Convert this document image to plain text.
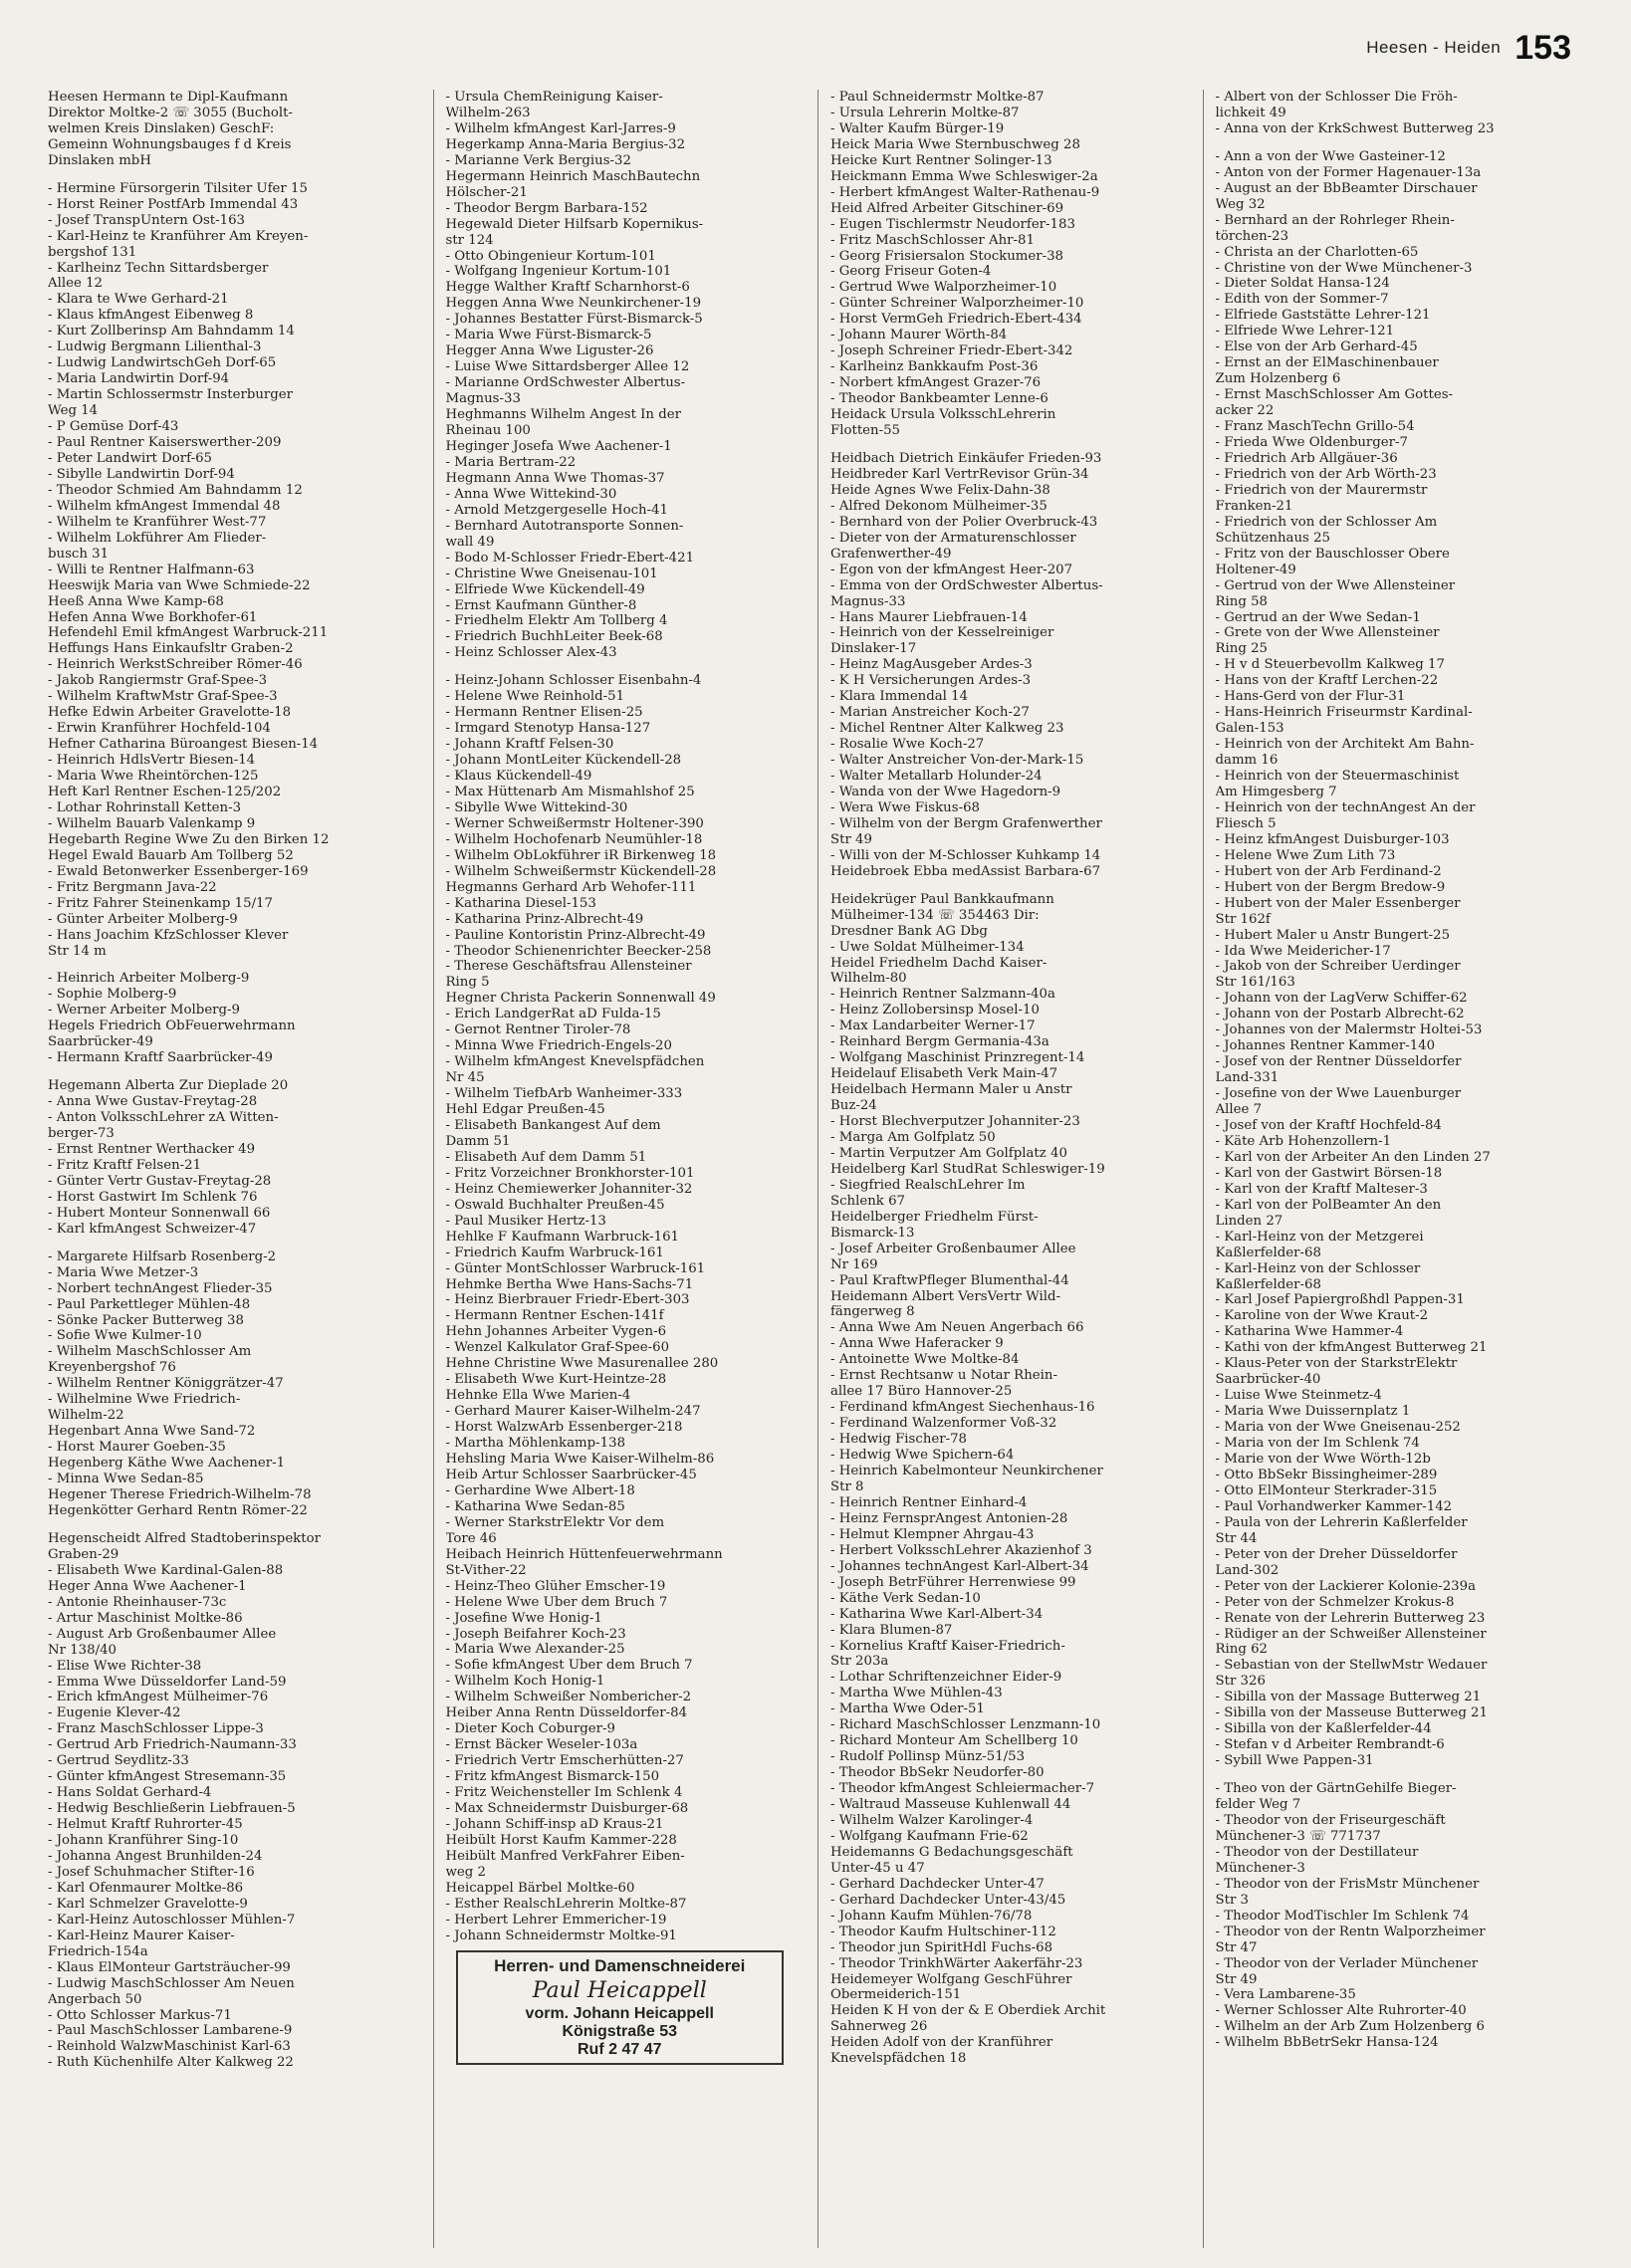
Heesen - Heiden 153
Heesen Hermann te Dipl-Kaufmann
Direktor Moltke-2 ☏ 3055 (Bucholt-
welmen Kreis Dinslaken) GeschF:
Gemeinn Wohnungsbauges f d Kreis
Dinslaken mbH
- Hermine Fürsorgerin Tilsiter Ufer 15
- Horst Reiner PostfArb Immendal 43
- Josef TranspUntern Ost-163
- Karl-Heinz te Kranführer Am Kreyen-
bergshof 131
- Karlheinz Techn Sittardsberger
Allee 12
- Klara te Wwe Gerhard-21
- Klaus kfmAngest Eibenweg 8
- Kurt Zollberinsp Am Bahndamm 14
- Ludwig Bergmann Lilienthal-3
- Ludwig LandwirtschGeh Dorf-65
- Maria Landwirtin Dorf-94
- Martin Schlossermstr Insterburger
Weg 14
- P Gemüse Dorf-43
- Paul Rentner Kaiserswerther-209
- Peter Landwirt Dorf-65
- Sibylle Landwirtin Dorf-94
- Theodor Schmied Am Bahndamm 12
- Wilhelm kfmAngest Immendal 48
- Wilhelm te Kranführer West-77
- Wilhelm Lokführer Am Flieder-
busch 31
- Willi te Rentner Halfmann-63
Heeswijk Maria van Wwe Schmiede-22
Heeß Anna Wwe Kamp-68
Hefen Anna Wwe Borkhofer-61
Hefendehl Emil kfmAngest Warbruck-211
Heffungs Hans Einkaufsltr Graben-2
- Heinrich WerkstSchreiber Römer-46
- Jakob Rangiermstr Graf-Spee-3
- Wilhelm KraftwMstr Graf-Spee-3
Hefke Edwin Arbeiter Gravelotte-18
- Erwin Kranführer Hochfeld-104
Hefner Catharina Büroangest Biesen-14
- Heinrich HdlsVertr Biesen-14
- Maria Wwe Rheintörchen-125
Heft Karl Rentner Eschen-125/202
- Lothar Rohrinstall Ketten-3
- Wilhelm Bauarb Valenkamp 9
Hegebarth Regine Wwe Zu den Birken 12
Hegel Ewald Bauarb Am Tollberg 52
- Ewald Betonwerker Essenberger-169
- Fritz Bergmann Java-22
- Fritz Fahrer Steinenkamp 15/17
- Günter Arbeiter Molberg-9
- Hans Joachim KfzSchlosser Klever
Str 14 m
- Heinrich Arbeiter Molberg-9
- Sophie Molberg-9
- Werner Arbeiter Molberg-9
Hegels Friedrich ObFeuerwehrmann
Saarbrücker-49
- Hermann Kraftf Saarbrücker-49
Hegemann Alberta Zur Dieplade 20
- Anna Wwe Gustav-Freytag-28
- Anton VolksschLehrer zA Witten-
berger-73
- Ernst Rentner Werthacker 49
- Fritz Kraftf Felsen-21
- Günter Vertr Gustav-Freytag-28
- Horst Gastwirt Im Schlenk 76
- Hubert Monteur Sonnenwall 66
- Karl kfmAngest Schweizer-47
- Margarete Hilfsarb Rosenberg-2
- Maria Wwe Metzer-3
- Norbert technAngest Flieder-35
- Paul Parkettleger Mühlen-48
- Sönke Packer Butterweg 38
- Sofie Wwe Kulmer-10
- Wilhelm MaschSchlosser Am
Kreyenbergshof 76
- Wilhelm Rentner Königgrätzer-47
- Wilhelmine Wwe Friedrich-
Wilhelm-22
Hegenbart Anna Wwe Sand-72
- Horst Maurer Goeben-35
Hegenberg Käthe Wwe Aachener-1
- Minna Wwe Sedan-85
Hegener Therese Friedrich-Wilhelm-78
Hegenkötter Gerhard Rentn Römer-22
Hegenscheidt Alfred Stadtoberinspektor
Graben-29
- Elisabeth Wwe Kardinal-Galen-88
Heger Anna Wwe Aachener-1
- Antonie Rheinhauser-73c
- Artur Maschinist Moltke-86
- August Arb Großenbaumer Allee
Nr 138/40
- Elise Wwe Richter-38
- Emma Wwe Düsseldorfer Land-59
- Erich kfmAngest Mülheimer-76
- Eugenie Klever-42
- Franz MaschSchlosser Lippe-3
- Gertrud Arb Friedrich-Naumann-33
- Gertrud Seydlitz-33
- Günter kfmAngest Stresemann-35
- Hans Soldat Gerhard-4
- Hedwig Beschließerin Liebfrauen-5
- Helmut Kraftf Ruhrorter-45
- Johann Kranführer Sing-10
- Johanna Angest Brunhilden-24
- Josef Schuhmacher Stifter-16
- Karl Ofenmaurer Moltke-86
- Karl Schmelzer Gravelotte-9
- Karl-Heinz Autoschlosser Mühlen-7
- Karl-Heinz Maurer Kaiser-
Friedrich-154a
- Klaus ElMonteur Gartsträucher-99
- Ludwig MaschSchlosser Am Neuen
Angerbach 50
- Otto Schlosser Markus-71
- Paul MaschSchlosser Lambarene-9
- Reinhold WalzwMaschinist Karl-63
- Ruth Küchenhilfe Alter Kalkweg 22
- Ursula ChemReinigung Kaiser-
Wilhelm-263
- Wilhelm kfmAngest Karl-Jarres-9
Hegerkamp Anna-Maria Bergius-32
- Marianne Verk Bergius-32
Hegermann Heinrich MaschBautechn
Hölscher-21
- Theodor Bergm Barbara-152
Hegewald Dieter Hilfsarb Kopernikus-
str 124
- Otto Obingenieur Kortum-101
- Wolfgang Ingenieur Kortum-101
Hegge Walther Kraftf Scharnhorst-6
Heggen Anna Wwe Neunkirchener-19
- Johannes Bestatter Fürst-Bismarck-5
- Maria Wwe Fürst-Bismarck-5
Hegger Anna Wwe Liguster-26
- Luise Wwe Sittardsberger Allee 12
- Marianne OrdSchwester Albertus-
Magnus-33
Heghmanns Wilhelm Angest In der
Rheinau 100
Heginger Josefa Wwe Aachener-1
- Maria Bertram-22
Hegmann Anna Wwe Thomas-37
- Anna Wwe Wittekind-30
- Arnold Metzgergeselle Hoch-41
- Bernhard Autotransporte Sonnen-
wall 49
- Bodo M-Schlosser Friedr-Ebert-421
- Christine Wwe Gneisenau-101
- Elfriede Wwe Kückendell-49
- Ernst Kaufmann Günther-8
- Friedhelm Elektr Am Tollberg 4
- Friedrich BuchhLeiter Beek-68
- Heinz Schlosser Alex-43
- Heinz-Johann Schlosser Eisenbahn-4
- Helene Wwe Reinhold-51
- Hermann Rentner Elisen-25
- Irmgard Stenotyp Hansa-127
- Johann Kraftf Felsen-30
- Johann MontLeiter Kückendell-28
- Klaus Kückendell-49
- Max Hüttenarb Am Mismahlshof 25
- Sibylle Wwe Wittekind-30
- Werner Schweißermstr Holtener-390
- Wilhelm Hochofenarb Neumühler-18
- Wilhelm ObLokführer iR Birkenweg 18
- Wilhelm Schweißermstr Kückendell-28
Hegmanns Gerhard Arb Wehofer-111
- Katharina Diesel-153
- Katharina Prinz-Albrecht-49
- Pauline Kontoristin Prinz-Albrecht-49
- Theodor Schienenrichter Beecker-258
- Therese Geschäftsfrau Allensteiner
Ring 5
Hegner Christa Packerin Sonnenwall 49
- Erich LandgerRat aD Fulda-15
- Gernot Rentner Tiroler-78
- Minna Wwe Friedrich-Engels-20
- Wilhelm kfmAngest Knevelspfädchen
Nr 45
- Wilhelm TiefbArb Wanheimer-333
Hehl Edgar Preußen-45
- Elisabeth Bankangest Auf dem
Damm 51
- Elisabeth Auf dem Damm 51
- Fritz Vorzeichner Bronkhorster-101
- Heinz Chemiewerker Johanniter-32
- Oswald Buchhalter Preußen-45
- Paul Musiker Hertz-13
Hehlke F Kaufmann Warbruck-161
- Friedrich Kaufm Warbruck-161
- Günter MontSchlosser Warbruck-161
Hehmke Bertha Wwe Hans-Sachs-71
- Heinz Bierbrauer Friedr-Ebert-303
- Hermann Rentner Eschen-141f
Hehn Johannes Arbeiter Vygen-6
- Wenzel Kalkulator Graf-Spee-60
Hehne Christine Wwe Masurenallee 280
- Elisabeth Wwe Kurt-Heintze-28
Hehnke Ella Wwe Marien-4
- Gerhard Maurer Kaiser-Wilhelm-247
- Horst WalzwArb Essenberger-218
- Martha Möhlenkamp-138
Hehsling Maria Wwe Kaiser-Wilhelm-86
Heib Artur Schlosser Saarbrücker-45
- Gerhardine Wwe Albert-18
- Katharina Wwe Sedan-85
- Werner StarkstrElektr Vor dem
Tore 46
Heibach Heinrich Hüttenfeuerwehrmann
St-Vither-22
- Heinz-Theo Glüher Emscher-19
- Helene Wwe Über dem Bruch 7
- Josefine Wwe Honig-1
- Joseph Beifahrer Koch-23
- Maria Wwe Alexander-25
- Sofie kfmAngest Über dem Bruch 7
- Wilhelm Koch Honig-1
- Wilhelm Schweißer Nombericher-2
Heiber Anna Rentn Düsseldorfer-84
- Dieter Koch Coburger-9
- Ernst Bäcker Weseler-103a
- Friedrich Vertr Emscherhütten-27
- Fritz kfmAngest Bismarck-150
- Fritz Weichensteller Im Schlenk 4
- Max Schneidermstr Duisburger-68
- Johann Schiff-insp aD Kraus-21
Heibült Horst Kaufm Kammer-228
Heibült Manfred VerkFahrer Eiben-
weg 2
Heicappel Bärbel Moltke-60
- Esther RealschLehrerin Moltke-87
- Herbert Lehrer Emmericher-19
- Johann Schneidermstr Moltke-91
Herren- und Damenschneiderei
Paul Heicappell
vorm. Johann Heicappell
Königstraße 53
Ruf 2 47 47
- Paul Schneidermstr Moltke-87
- Ursula Lehrerin Moltke-87
- Walter Kaufm Bürger-19
Heick Maria Wwe Sternbuschweg 28
Heicke Kurt Rentner Solinger-13
Heickmann Emma Wwe Schleswiger-2a
- Herbert kfmAngest Walter-Rathenau-9
Heid Alfred Arbeiter Gitschiner-69
- Eugen Tischlermstr Neudorfer-183
- Fritz MaschSchlosser Ahr-81
- Georg Frisiersalon Stockumer-38
- Georg Friseur Goten-4
- Gertrud Wwe Walporzheimer-10
- Günter Schreiner Walporzheimer-10
- Horst VermGeh Friedrich-Ebert-434
- Johann Maurer Wörth-84
- Joseph Schreiner Friedr-Ebert-342
- Karlheinz Bankkaufm Post-36
- Norbert kfmAngest Grazer-76
- Theodor Bankbeamter Lenne-6
Heidack Ursula VolksschLehrerin
Flotten-55
Heidbach Dietrich Einkäufer Frieden-93
Heidbreder Karl VertrRevisor Grün-34
Heide Agnes Wwe Felix-Dahn-38
- Alfred Dekonom Mülheimer-35
- Bernhard von der Polier Overbruck-43
- Dieter von der Armaturenschlosser
Grafenwerther-49
- Egon von der kfmAngest Heer-207
- Emma von der OrdSchwester Albertus-
Magnus-33
- Hans Maurer Liebfrauen-14
- Heinrich von der Kesselreiniger
Dinslaker-17
- Heinz MagAusgeber Ardes-3
- K H Versicherungen Ardes-3
- Klara Immendal 14
- Marian Anstreicher Koch-27
- Michel Rentner Alter Kalkweg 23
- Rosalie Wwe Koch-27
- Walter Anstreicher Von-der-Mark-15
- Walter Metallarb Holunder-24
- Wanda von der Wwe Hagedorn-9
- Wera Wwe Fiskus-68
- Wilhelm von der Bergm Grafenwerther
Str 49
- Willi von der M-Schlosser Kuhkamp 14
Heidebroek Ebba medAssist Barbara-67
Heidekrüger Paul Bankkaufmann
Mülheimer-134 ☏ 354463 Dir:
Dresdner Bank AG Dbg
- Uwe Soldat Mülheimer-134
Heidel Friedhelm Dachd Kaiser-
Wilhelm-80
- Heinrich Rentner Salzmann-40a
- Heinz Zollobersinsp Mosel-10
- Max Landarbeiter Werner-17
- Reinhard Bergm Germania-43a
- Wolfgang Maschinist Prinzregent-14
Heidelauf Elisabeth Verk Main-47
Heidelbach Hermann Maler u Anstr
Buz-24
- Horst Blechverputzer Johanniter-23
- Marga Am Golfplatz 50
- Martin Verputzer Am Golfplatz 40
Heidelberg Karl StudRat Schleswiger-19
- Siegfried RealschLehrer Im
Schlenk 67
Heidelberger Friedhelm Fürst-
Bismarck-13
- Josef Arbeiter Großenbaumer Allee
Nr 169
- Paul KraftwPfleger Blumenthal-44
Heidemann Albert VersVertr Wild-
fängerweg 8
- Anna Wwe Am Neuen Angerbach 66
- Anna Wwe Haferacker 9
- Antoinette Wwe Moltke-84
- Ernst Rechtsanw u Notar Rhein-
allee 17 Büro Hannover-25
- Ferdinand kfmAngest Siechenhaus-16
- Ferdinand Walzenformer Voß-32
- Hedwig Fischer-78
- Hedwig Wwe Spichern-64
- Heinrich Kabelmonteur Neunkirchener
Str 8
- Heinrich Rentner Einhard-4
- Heinz FernsprAngest Antonien-28
- Helmut Klempner Ahrgau-43
- Herbert VolksschLehrer Akazienhof 3
- Johannes technAngest Karl-Albert-34
- Joseph BetrFührer Herrenwiese 99
- Käthe Verk Sedan-10
- Katharina Wwe Karl-Albert-34
- Klara Blumen-87
- Kornelius Kraftf Kaiser-Friedrich-
Str 203a
- Lothar Schriftenzeichner Eider-9
- Martha Wwe Mühlen-43
- Martha Wwe Oder-51
- Richard MaschSchlosser Lenzmann-10
- Richard Monteur Am Schellberg 10
- Rudolf Pollinsp Münz-51/53
- Theodor BbSekr Neudorfer-80
- Theodor kfmAngest Schleiermacher-7
- Waltraud Masseuse Kuhlenwall 44
- Wilhelm Walzer Karolinger-4
- Wolfgang Kaufmann Frie-62
Heidemanns G Bedachungsgeschäft
Unter-45 u 47
- Gerhard Dachdecker Unter-47
- Gerhard Dachdecker Unter-43/45
- Johann Kaufm Mühlen-76/78
- Theodor Kaufm Hultschiner-112
- Theodor jun SpiritHdl Fuchs-68
- Theodor TrinkhWärter Aakerfähr-23
Heidemeyer Wolfgang GeschFührer
Obermeiderich-151
Heiden K H von der & E Oberdiek Archit
Sahnerweg 26
Heiden Adolf von der Kranführer
Knevelspfädchen 18
- Albert von der Schlosser Die Fröh-
lichkeit 49
- Anna von der KrkSchwest Butterweg 23
- Ann a von der Wwe Gasteiner-12
- Anton von der Former Hagenauer-13a
- August an der BbBeamter Dirschauer
Weg 32
- Bernhard an der Rohrleger Rhein-
törchen-23
- Christa an der Charlotten-65
- Christine von der Wwe Münchener-3
- Dieter Soldat Hansa-124
- Edith von der Sommer-7
- Elfriede Gaststätte Lehrer-121
- Elfriede Wwe Lehrer-121
- Else von der Arb Gerhard-45
- Ernst an der ElMaschinenbauer
Zum Holzenberg 6
- Ernst MaschSchlosser Am Gottes-
acker 22
- Franz MaschTechn Grillo-54
- Frieda Wwe Oldenburger-7
- Friedrich Arb Allgäuer-36
- Friedrich von der Arb Wörth-23
- Friedrich von der Maurermstr
Franken-21
- Friedrich von der Schlosser Am
Schützenhaus 25
- Fritz von der Bauschlosser Obere
Holtener-49
- Gertrud von der Wwe Allensteiner
Ring 58
- Gertrud an der Wwe Sedan-1
- Grete von der Wwe Allensteiner
Ring 25
- H v d Steuerbevollm Kalkweg 17
- Hans von der Kraftf Lerchen-22
- Hans-Gerd von der Flur-31
- Hans-Heinrich Friseurmstr Kardinal-
Galen-153
- Heinrich von der Architekt Am Bahn-
damm 16
- Heinrich von der Steuermaschinist
Am Himgesberg 7
- Heinrich von der technAngest An der
Fliesch 5
- Heinz kfmAngest Duisburger-103
- Helene Wwe Zum Lith 73
- Hubert von der Arb Ferdinand-2
- Hubert von der Bergm Bredow-9
- Hubert von der Maler Essenberger
Str 162f
- Hubert Maler u Anstr Bungert-25
- Ida Wwe Meidericher-17
- Jakob von der Schreiber Uerdinger
Str 161/163
- Johann von der LagVerw Schiffer-62
- Johann von der Postarb Albrecht-62
- Johannes von der Malermstr Holtei-53
- Johannes Rentner Kammer-140
- Josef von der Rentner Düsseldorfer
Land-331
- Josefine von der Wwe Lauenburger
Allee 7
- Josef von der Kraftf Hochfeld-84
- Käte Arb Hohenzollern-1
- Karl von der Arbeiter An den Linden 27
- Karl von der Gastwirt Börsen-18
- Karl von der Kraftf Malteser-3
- Karl von der PolBeamter An den
Linden 27
- Karl-Heinz von der Metzgerei
Kaßlerfelder-68
- Karl-Heinz von der Schlosser
Kaßlerfelder-68
- Karl Josef Papiergroßhdl Pappen-31
- Karoline von der Wwe Kraut-2
- Katharina Wwe Hammer-4
- Kathi von der kfmAngest Butterweg 21
- Klaus-Peter von der StarkstrElektr
Saarbrücker-40
- Luise Wwe Steinmetz-4
- Maria Wwe Duissernplatz 1
- Maria von der Wwe Gneisenau-252
- Maria von der Im Schlenk 74
- Marie von der Wwe Wörth-12b
- Otto BbSekr Bissingheimer-289
- Otto ElMonteur Sterkrader-315
- Paul Vorhandwerker Kammer-142
- Paula von der Lehrerin Kaßlerfelder
Str 44
- Peter von der Dreher Düsseldorfer
Land-302
- Peter von der Lackierer Kolonie-239a
- Peter von der Schmelzer Krokus-8
- Renate von der Lehrerin Butterweg 23
- Rüdiger an der Schweißer Allensteiner
Ring 62
- Sebastian von der StellwMstr Wedauer
Str 326
- Sibilla von der Massage Butterweg 21
- Sibilla von der Masseuse Butterweg 21
- Sibilla von der Kaßlerfelder-44
- Stefan v d Arbeiter Rembrandt-6
- Sybill Wwe Pappen-31
- Theo von der GärtnGehilfe Bieger-
felder Weg 7
- Theodor von der Friseurgeschäft
Münchener-3 ☏ 771737
- Theodor von der Destillateur
Münchener-3
- Theodor von der FrisMstr Münchener
Str 3
- Theodor ModTischler Im Schlenk 74
- Theodor von der Rentn Walporzheimer
Str 47
- Theodor von der Verlader Münchener
Str 49
- Vera Lambarene-35
- Werner Schlosser Alte Ruhrorter-40
- Wilhelm an der Arb Zum Holzenberg 6
- Wilhelm BbBetrSekr Hansa-124
